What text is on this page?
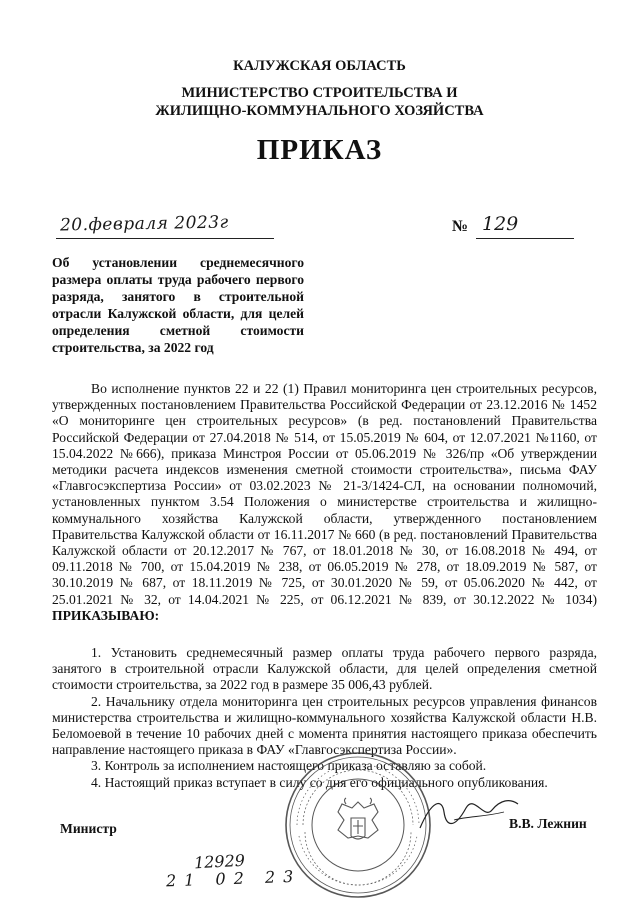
КАЛУЖСКАЯ ОБЛАСТЬ
МИНИСТЕРСТВО СТРОИТЕЛЬСТВА И
ЖИЛИЩНО-КОММУНАЛЬНОГО ХОЗЯЙСТВА
ПРИКАЗ
20.февраля 2023г	№ 129
Об установлении среднемесячного размера оплаты труда рабочего первого разряда, занятого в строительной отрасли Калужской области, для целей определения сметной стоимости строительства, за 2022 год

Во исполнение пунктов 22 и 22 (1) Правил мониторинга цен строительных ресурсов, утвержденных постановлением Правительства Российской Федерации от 23.12.2016 № 1452 «О мониторинге цен строительных ресурсов» (в ред. постановлений Правительства Российской Федерации от 27.04.2018 № 514, от 15.05.2019 № 604, от 12.07.2021 №1160, от 15.04.2022 №666), приказа Минстроя России от 05.06.2019 № 326/пр «Об утверждении методики расчета индексов изменения сметной стоимости строительства», письма ФАУ «Главгосэкспертиза России» от 03.02.2023 № 21-3/1424-СЛ, на основании полномочий, установленных пунктом 3.54 Положения о министерстве строительства и жилищно-коммунального хозяйства Калужской области, утвержденного постановлением Правительства Калужской области от 16.11.2017 № 660 (в ред. постановлений Правительства Калужской области от 20.12.2017 № 767, от 18.01.2018 № 30, от 16.08.2018 № 494, от 09.11.2018 № 700, от 15.04.2019 № 238, от 06.05.2019 № 278, от 18.09.2019 № 587, от 30.10.2019 № 687, от 18.11.2019 № 725, от 30.01.2020 № 59, от 05.06.2020 № 442, от 25.01.2021 № 32, от 14.04.2021 № 225, от 06.12.2021 № 839, от 30.12.2022 № 1034) ПРИКАЗЫВАЮ:

1. Установить среднемесячный размер оплаты труда рабочего первого разряда, занятого в строительной отрасли Калужской области, для целей определения сметной стоимости строительства, за 2022 год в размере 35 006,43 рублей.

2. Начальнику отдела мониторинга цен строительных ресурсов управления финансов министерства строительства и жилищно-коммунального хозяйства Калужской области Н.В. Беломоевой в течение 10 рабочих дней с момента принятия настоящего приказа обеспечить направление настоящего приказа в ФАУ «Главгосэкспертиза России».

3. Контроль за исполнением настоящего приказа оставляю за собой.

4. Настоящий приказ вступает в силу со дня его официального опубликования.

Министр	В.В. Лежнин
12929
21 02 23
